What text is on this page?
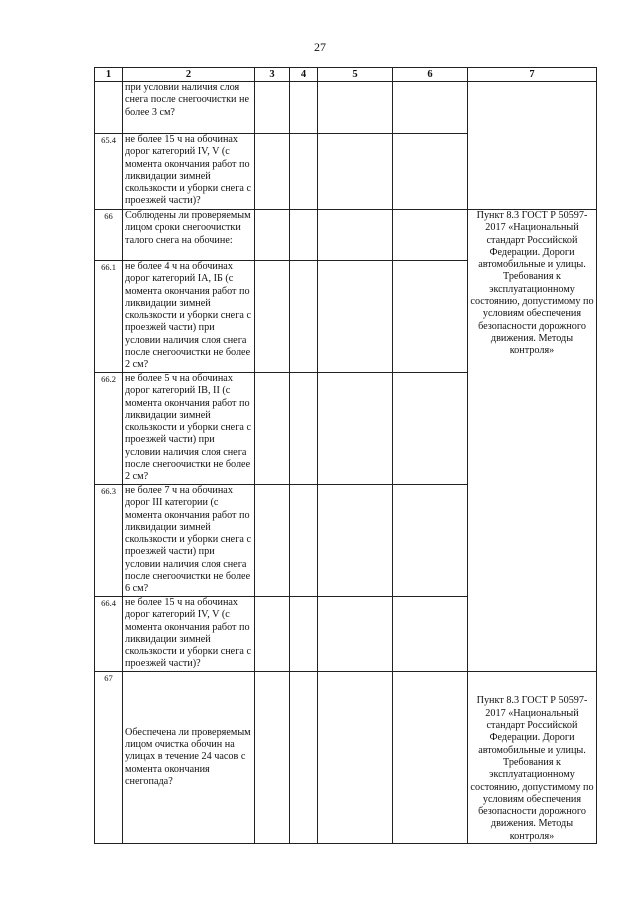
27
1	2	3	4	5	6	7
	при условии наличия слоя снега после снегоочистки не более 3 см?					
65.4	не более 15 ч на обочинах дорог категорий IV, V (с момента окончания работ по ликвидации зимней скользкости и уборки снега с проезжей части)?					
66	Соблюдены ли проверяемым лицом сроки снегоочистки талого снега на обочине:					Пункт 8.3 ГОСТ Р 50597-2017 «Национальный стандарт Российской Федерации. Дороги автомобильные и улицы. Требования к эксплуатационному состоянию, допустимому по условиям обеспечения безопасности дорожного движения. Методы контроля»
66.1	не более 4 ч на обочинах дорог категорий IA, IБ (с момента окончания работ по ликвидации зимней скользкости и уборки снега с проезжей части) при условии наличия слоя снега после снегоочистки не более 2 см?					
66.2	не более 5 ч на обочинах дорог категорий IB, II (с момента окончания работ по ликвидации зимней скользкости и уборки снега с проезжей части) при условии наличия слоя снега после снегоочистки не более 2 см?					
66.3	не более 7 ч на обочинах дорог III категории (с момента окончания работ по ликвидации зимней скользкости и уборки снега с проезжей части) при условии наличия слоя снега после снегоочистки не более 6 см?					
66.4	не более 15 ч на обочинах дорог категорий IV, V (с момента окончания работ по ликвидации зимней скользкости и уборки снега с проезжей части)?					
67	Обеспечена ли проверяемым лицом очистка обочин на улицах в течение 24 часов с момента окончания снегопада?					Пункт 8.3 ГОСТ Р 50597-2017 «Национальный стандарт Российской Федерации. Дороги автомобильные и улицы. Требования к эксплуатационному состоянию, допустимому по условиям обеспечения безопасности дорожного движения. Методы контроля»
